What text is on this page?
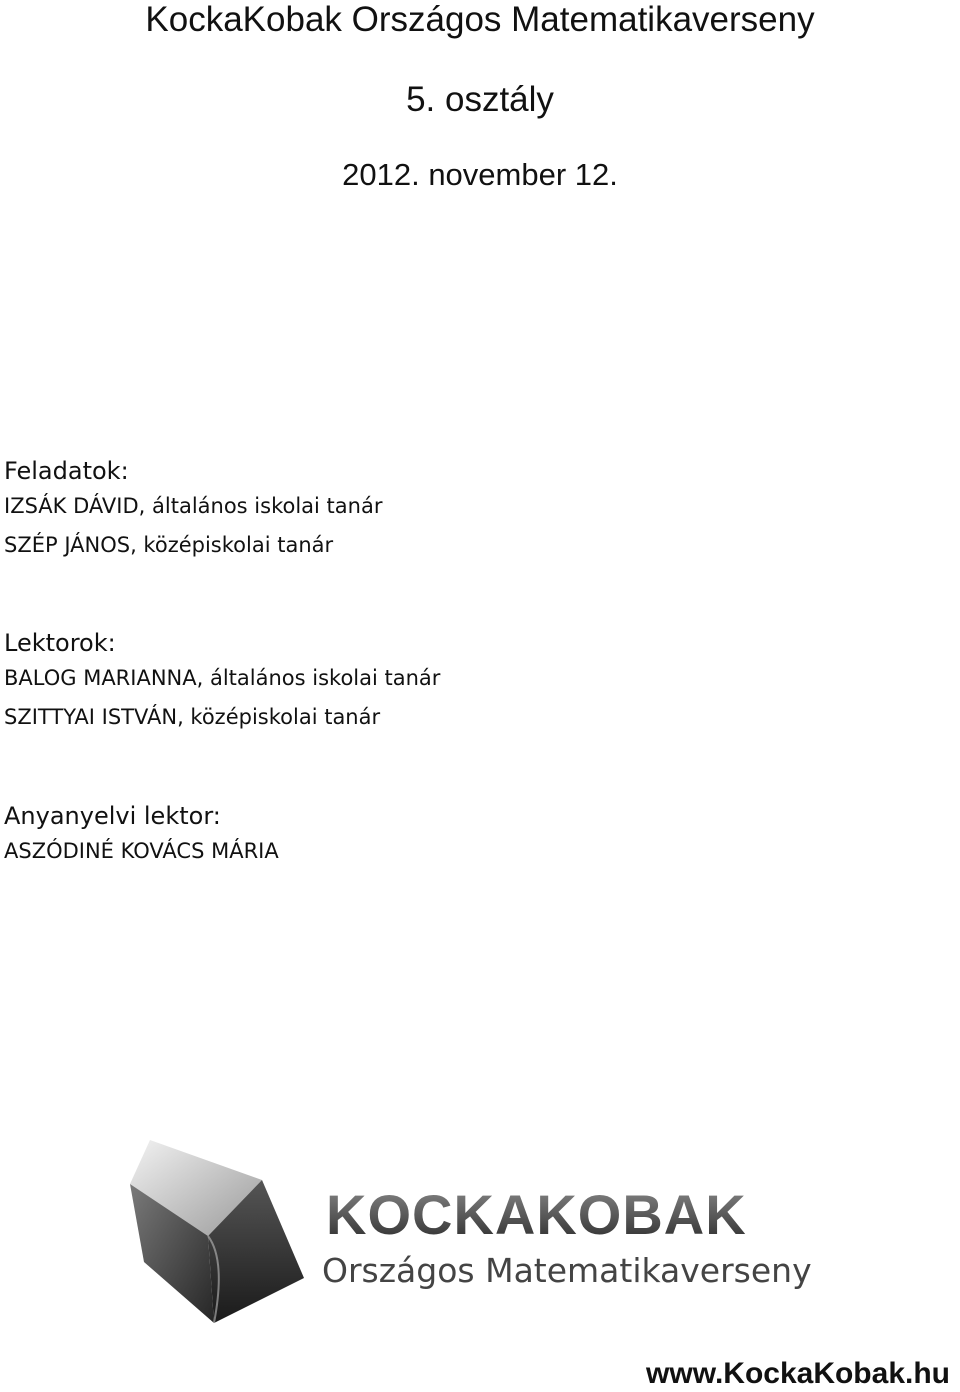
KockaKobak Országos Matematikaverseny
5. osztály
2012. november 12.
Feladatok:
IZSÁK DÁVID, általános iskolai tanár
SZÉP JÁNOS, középiskolai tanár
Lektorok:
BALOG MARIANNA, általános iskolai tanár
SZITTYAI ISTVÁN, középiskolai tanár
Anyanyelvi lektor:
ASZÓDINÉ KOVÁCS MÁRIA
KOCKAKOBAK
Országos Matematikaverseny
www.KockaKobak.hu
